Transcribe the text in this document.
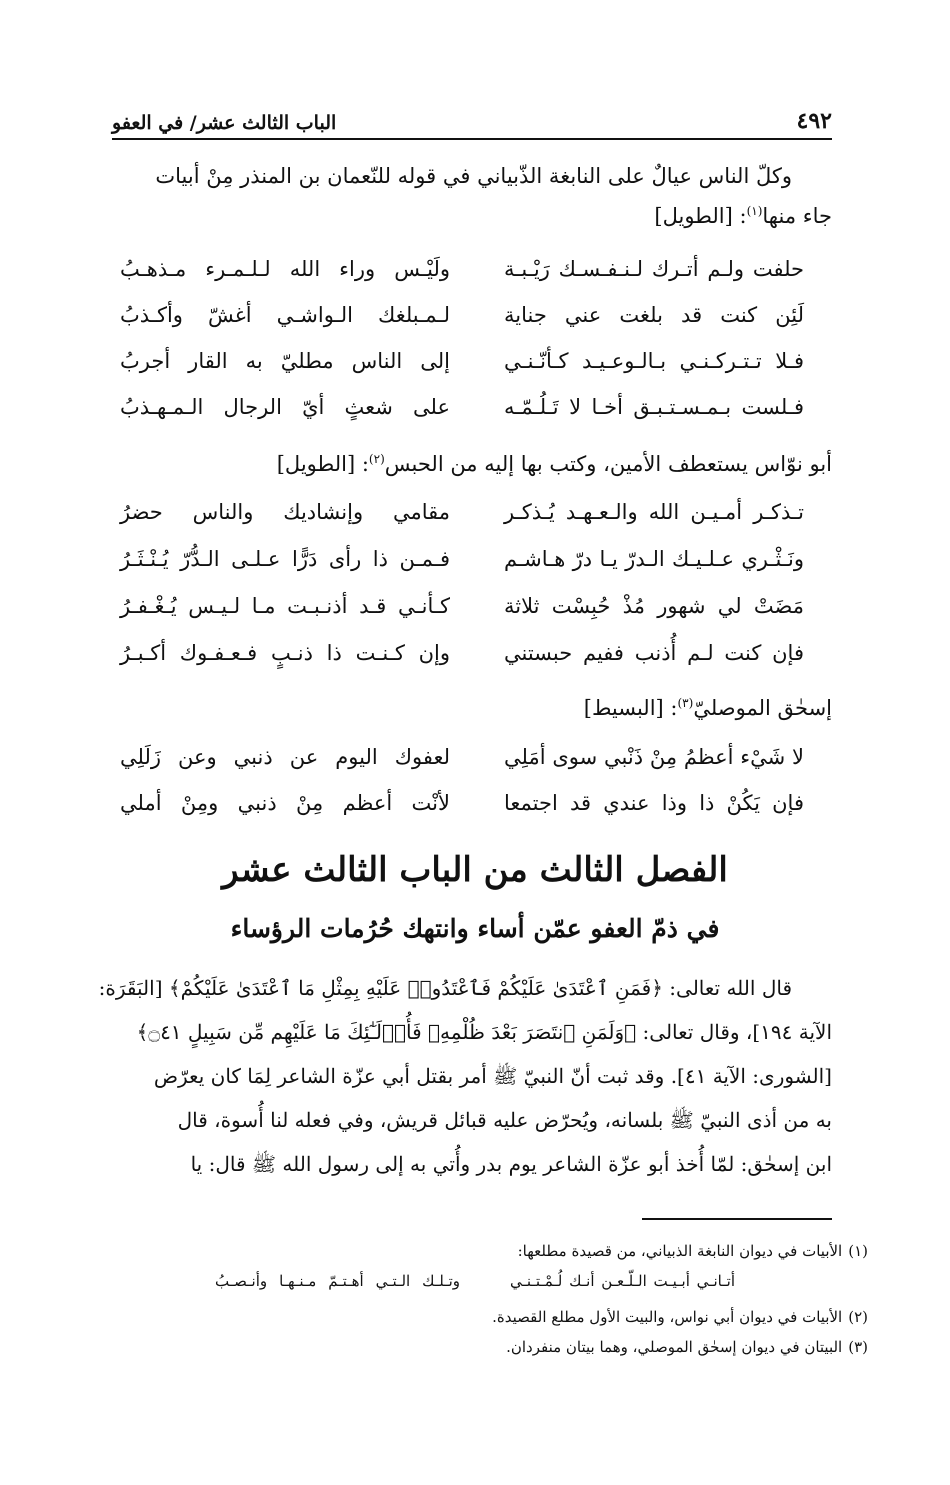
٤٩٢
الباب الثالث عشر/ في العفو
وكلّ الناس عيالٌ على النابغة الذّبياني في قوله للنّعمان بن المنذر مِنْ أبيات
جاء منها$^{(١)}$: [الطويل]
حلفت ولـم أتـرك لـنـفـسـك رَيْـبـة
ولَيْـس وراء الله لـلـمـرء مـذهـبُ
لَئِن كنت قد بلغت عني جناية
لـمـبلغك الـواشـي أغشّ وأكـذبُ
فـلا تـتـركـنـي بـالـوعـيـد كـأنّـنـي
إلى الناس مطليّ به القار أجربُ
فـلست بـمـسـتـبـق أخـا لا تَـلُـمّـه
على شعثٍ أيّ الرجال الـمـهـذبُ
أبو نوّاس يستعطف الأمين، وكتب بها إليه من الحبس$^{(٢)}$: [الطويل]
تـذكـر أمـيـن الله والـعـهـد يُـذكـر
مقامي وإنشاديك والناس حضرُ
ونَـثْـري عـلـيـك الـدرّ يـا درّ هـاشـم
فـمـن ذا رأى دَرًّا عـلـى الـدُّرّ يُـنْـثَـرُ
مَضَتْ لي شهور مُذْ حُبِسْت ثلاثة
كـأنـي قـد أذنـبـت مـا لـيـس يُـغْـفـرُ
فإن كنت لـم أُذنب ففيم حبستني
وإن كـنـت ذا ذنـبٍ فـعـفـوك أكـبـرُ
إسحٰق الموصليّ$^{(٣)}$: [البسيط]
لا شَيْء أعظمُ مِنْ ذَنْبي سوى أمَلِي
لعفوك اليوم عن ذنبي وعن زَلَلِي
فإن يَكُنْ ذا وذا عندي قد اجتمعا
لأنْت أعظم مِنْ ذنبي ومِنْ أملي
الفصل الثالث من الباب الثالث عشر
في ذمّ العفو عمّن أساء وانتهك حُرُمات الرؤساء
قال الله تعالى: ﴿فَمَنِ ٱعْتَدَىٰ عَلَيْكُمْ فَٱعْتَدُوا۟ عَلَيْهِ بِمِثْلِ مَا ٱعْتَدَىٰ عَلَيْكُمْ﴾ [البَقَرَة:
الآية ١٩٤]، وقال تعالى: ﴿وَلَمَنِ ٱنتَصَرَ بَعْدَ ظُلْمِهِۦ فَأُو۟لَـٰٓئِكَ مَا عَلَيْهِم مِّن سَبِيلٍ ۝٤١﴾
[الشورى: الآية ٤١]. وقد ثبت أنّ النبيّ ﷺ أمر بقتل أبي عزّة الشاعر لِمَا كان يعرّض
به من أذى النبيّ ﷺ بلسانه، ويُحرّض عليه قبائل قريش، وفي فعله لنا أُسوة، قال
ابن إسحٰق: لمّا أُخذ أبو عزّة الشاعر يوم بدر وأُتي به إلى رسول الله ﷺ قال: يا
(١)الأبيات في ديوان النابغة الذبياني، من قصيدة مطلعها:
أتـانـي أبـيـت الـلّـعـن أنـك لُـمْـتـنـي
وتـلـك الـتـي أهـتـمّ مـنـهـا وأنـصـبُ
(٢)الأبيات في ديوان أبي نواس، والبيت الأول مطلع القصيدة.
(٣)البيتان في ديوان إسحٰق الموصلي، وهما بيتان منفردان.
